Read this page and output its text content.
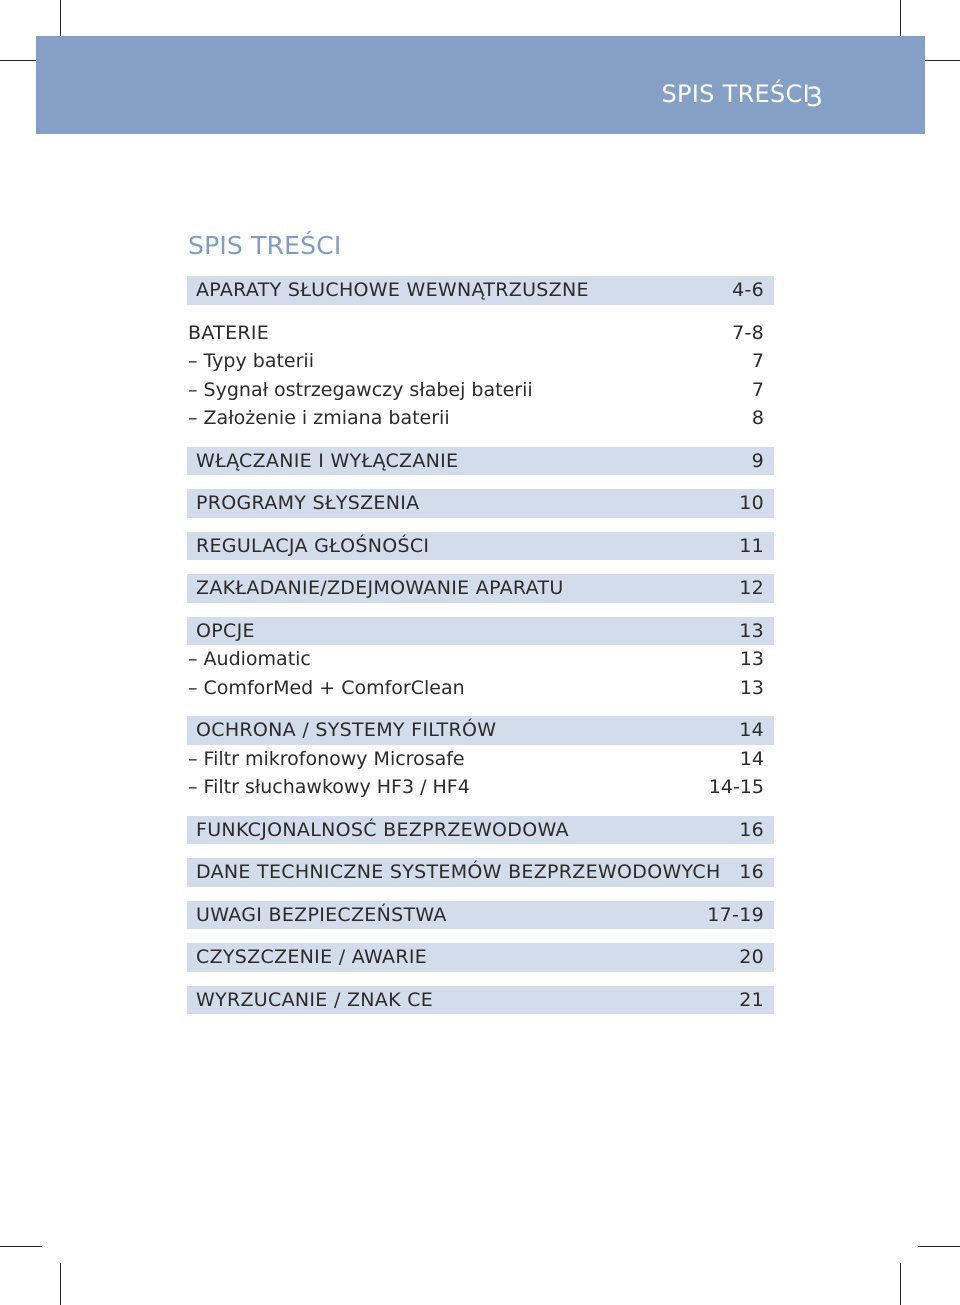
SPIS TREŚCI
3
SPIS TREŚCI
APARATY SŁUCHOWE WEWNĄTRZUSZNE	4-6
BATERIE	7-8
– Typy baterii	7
– Sygnał ostrzegawczy słabej baterii	7
– Założenie i zmiana baterii	8
WŁĄCZANIE I WYŁĄCZANIE	9
PROGRAMY SŁYSZENIA	10
REGULACJA GŁOŚNOŚCI	11
ZAKŁADANIE/ZDEJMOWANIE APARATU	12
OPCJE	13
– Audiomatic	13
– ComforMed + ComforClean	13
OCHRONA / SYSTEMY FILTRÓW	14
– Filtr mikrofonowy Microsafe	14
– Filtr słuchawkowy HF3 / HF4	14-15
FUNKCJONALNOSĆ BEZPRZEWODOWA	16
DANE TECHNICZNE SYSTEMÓW BEZPRZEWODOWYCH 16
UWAGI BEZPIECZEŃSTWA	17-19
CZYSZCZENIE / AWARIE	20
WYRZUCANIE / ZNAK CE	21
